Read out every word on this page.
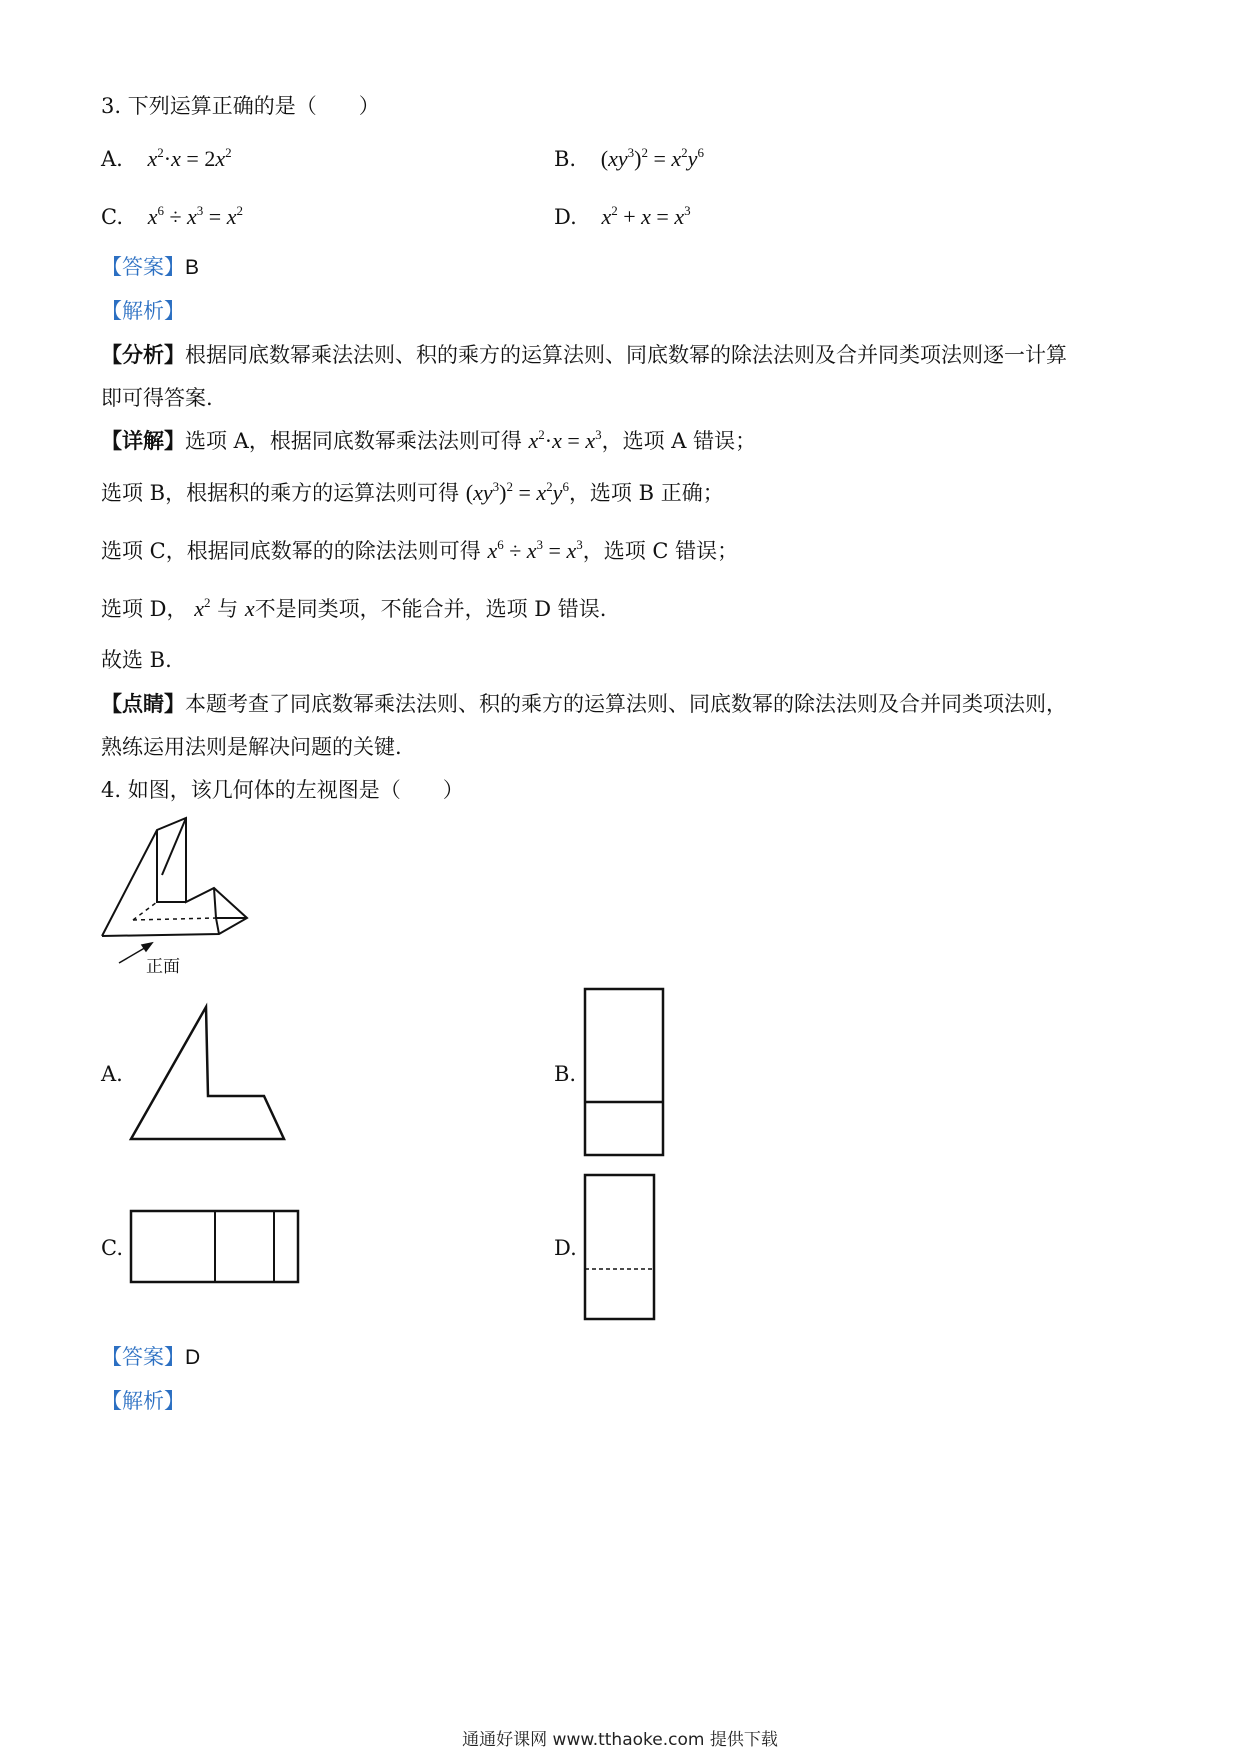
3. 下列运算正确的是（　　）
A. $x^2\cdot x = 2x^2$	B. $(xy^3)^2 = x^2y^6$
C. $x^6 \div x^3 = x^2$	D. $x^2 + x = x^3$
【答案】B
【解析】
【分析】根据同底数幂乘法法则、积的乘方的运算法则、同底数幂的除法法则及合并同类项法则逐一计算
即可得答案.
【详解】选项 A，根据同底数幂乘法法则可得 $x^2\cdot x = x^3$，选项 A 错误；
选项 B，根据积的乘方的运算法则可得 $(xy^3)^2 = x^2y^6$，选项 B 正确；
选项 C，根据同底数幂的的除法法则可得 $x^6 \div x^3 = x^3$，选项 C 错误；
选项 D， $x^2$ 与 x不是同类项，不能合并，选项 D 错误.
故选 B.
【点睛】本题考查了同底数幂乘法法则、积的乘方的运算法则、同底数幂的除法法则及合并同类项法则，
熟练运用法则是解决问题的关键.
4. 如图，该几何体的左视图是（　　）
正面
A.	B.
C.	D.
【答案】D
【解析】
通通好课网 www.tthaoke.com 提供下载
